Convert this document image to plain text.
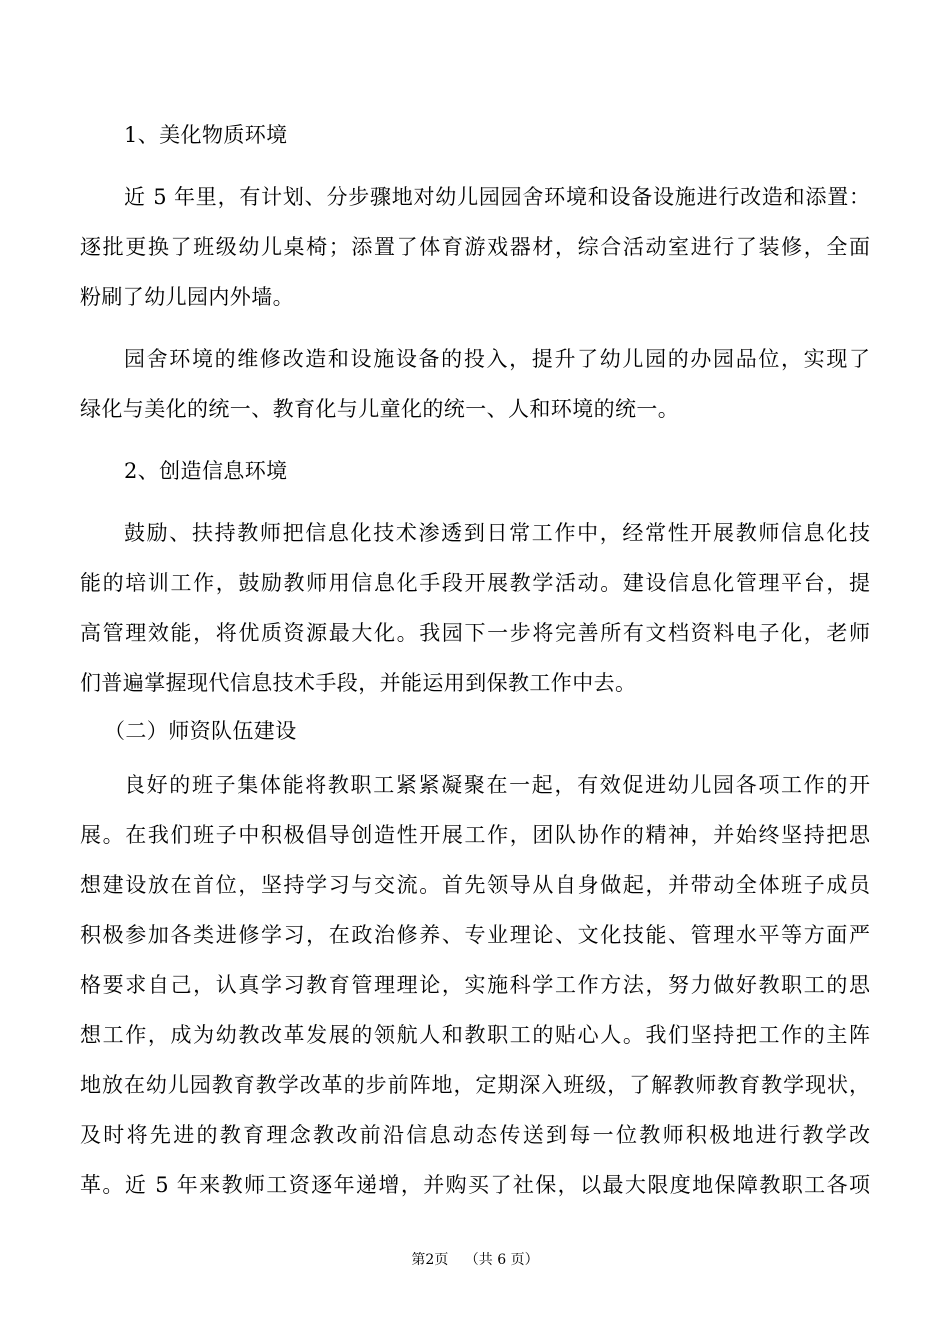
1、美化物质环境
近 5 年里，有计划、分步骤地对幼儿园园舍环境和设备设施进行改造和添置：
逐批更换了班级幼儿桌椅；添置了体育游戏器材，综合活动室进行了装修，全面
粉刷了幼儿园内外墙。
园舍环境的维修改造和设施设备的投入，提升了幼儿园的办园品位，实现了
绿化与美化的统一、教育化与儿童化的统一、人和环境的统一。
2、创造信息环境
鼓励、扶持教师把信息化技术渗透到日常工作中，经常性开展教师信息化技
能的培训工作，鼓励教师用信息化手段开展教学活动。建设信息化管理平台，提
高管理效能，将优质资源最大化。我园下一步将完善所有文档资料电子化，老师
们普遍掌握现代信息技术手段，并能运用到保教工作中去。
（二）师资队伍建设
良好的班子集体能将教职工紧紧凝聚在一起，有效促进幼儿园各项工作的开
展。在我们班子中积极倡导创造性开展工作，团队协作的精神，并始终坚持把思
想建设放在首位，坚持学习与交流。首先领导从自身做起，并带动全体班子成员
积极参加各类进修学习，在政治修养、专业理论、文化技能、管理水平等方面严
格要求自己，认真学习教育管理理论，实施科学工作方法，努力做好教职工的思
想工作，成为幼教改革发展的领航人和教职工的贴心人。我们坚持把工作的主阵
地放在幼儿园教育教学改革的步前阵地，定期深入班级，了解教师教育教学现状，
及时将先进的教育理念教改前沿信息动态传送到每一位教师积极地进行教学改
革。近 5 年来教师工资逐年递增，并购买了社保，以最大限度地保障教职工各项
第2页 （共 6 页）
